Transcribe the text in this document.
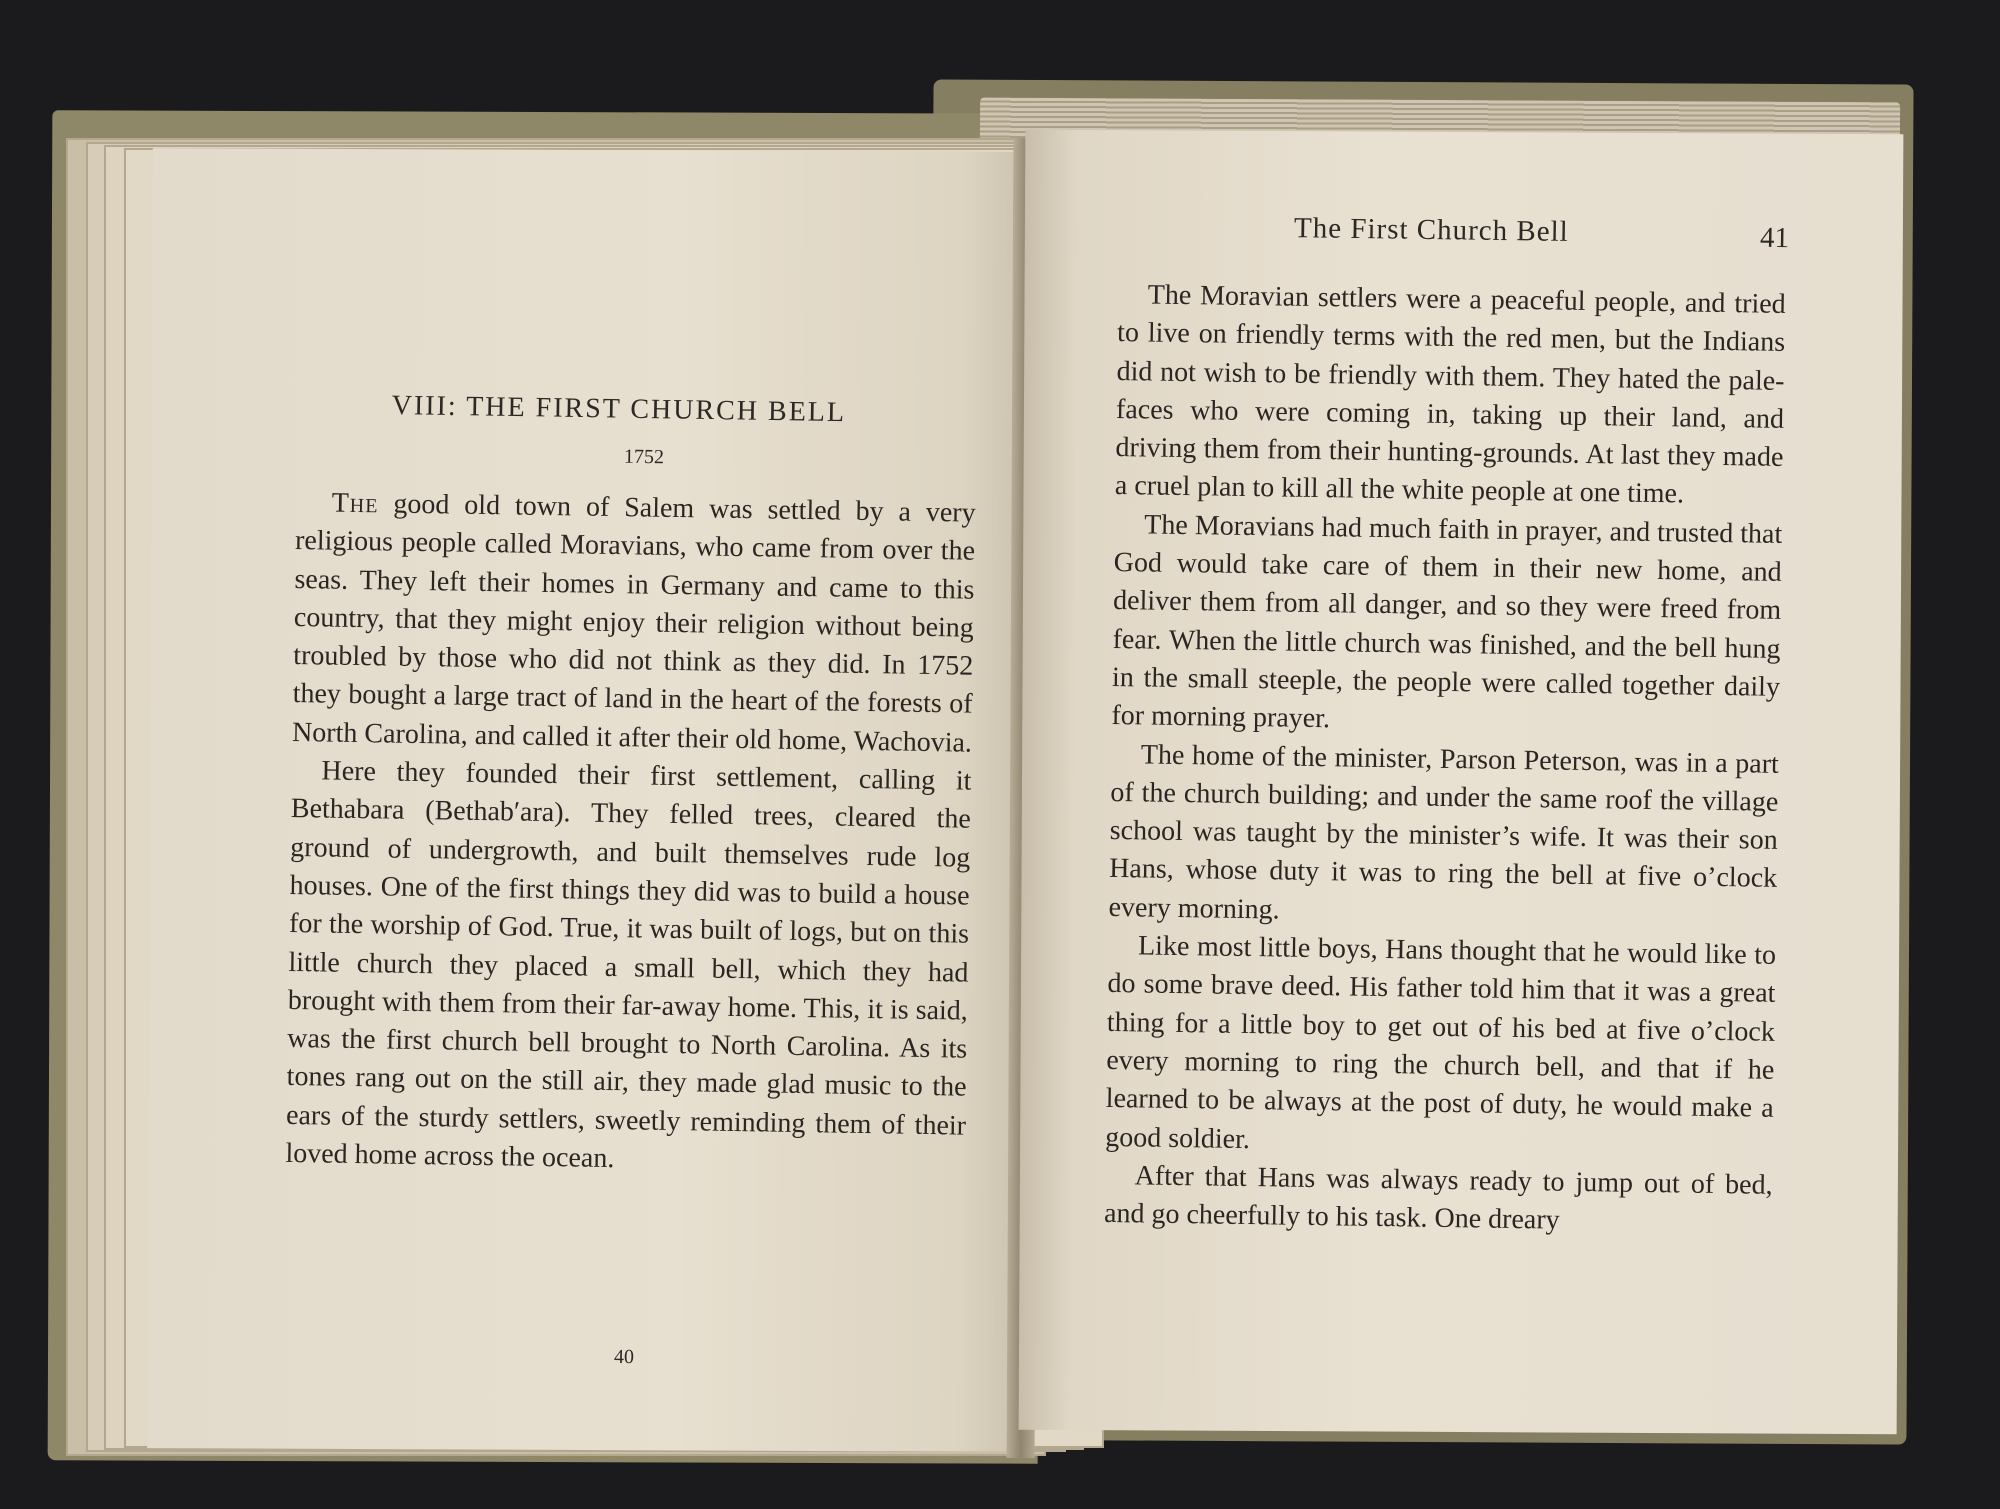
VIII: THE FIRST CHURCH BELL
1752

The good old town of Salem was settled by a very religious people called Moravians, who came from over the seas. They left their homes in Germany and came to this country, that they might enjoy their religion without being troubled by those who did not think as they did. In 1752 they bought a large tract of land in the heart of the forests of North Carolina, and called it after their old home, Wachovia.

Here they founded their first settlement, calling it Bethabara (Bethab′ara). They felled trees, cleared the ground of undergrowth, and built themselves rude log houses. One of the first things they did was to build a house for the worship of God. True, it was built of logs, but on this little church they placed a small bell, which they had brought with them from their far-away home. This, it is said, was the first church bell brought to North Carolina. As its tones rang out on the still air, they made glad music to the ears of the sturdy settlers, sweetly reminding them of their loved home across the ocean.

40
The First Church Bell	41

The Moravian settlers were a peaceful people, and tried to live on friendly terms with the red men, but the Indians did not wish to be friendly with them. They hated the pale-faces who were coming in, taking up their land, and driving them from their hunting-grounds. At last they made a cruel plan to kill all the white people at one time.

The Moravians had much faith in prayer, and trusted that God would take care of them in their new home, and deliver them from all danger, and so they were freed from fear. When the little church was finished, and the bell hung in the small steeple, the people were called together daily for morning prayer.

The home of the minister, Parson Peterson, was in a part of the church building; and under the same roof the village school was taught by the minister’s wife. It was their son Hans, whose duty it was to ring the bell at five o’clock every morning.

Like most little boys, Hans thought that he would like to do some brave deed. His father told him that it was a great thing for a little boy to get out of his bed at five o’clock every morning to ring the church bell, and that if he learned to be always at the post of duty, he would make a good soldier.

After that Hans was always ready to jump out of bed, and go cheerfully to his task. One dreary
